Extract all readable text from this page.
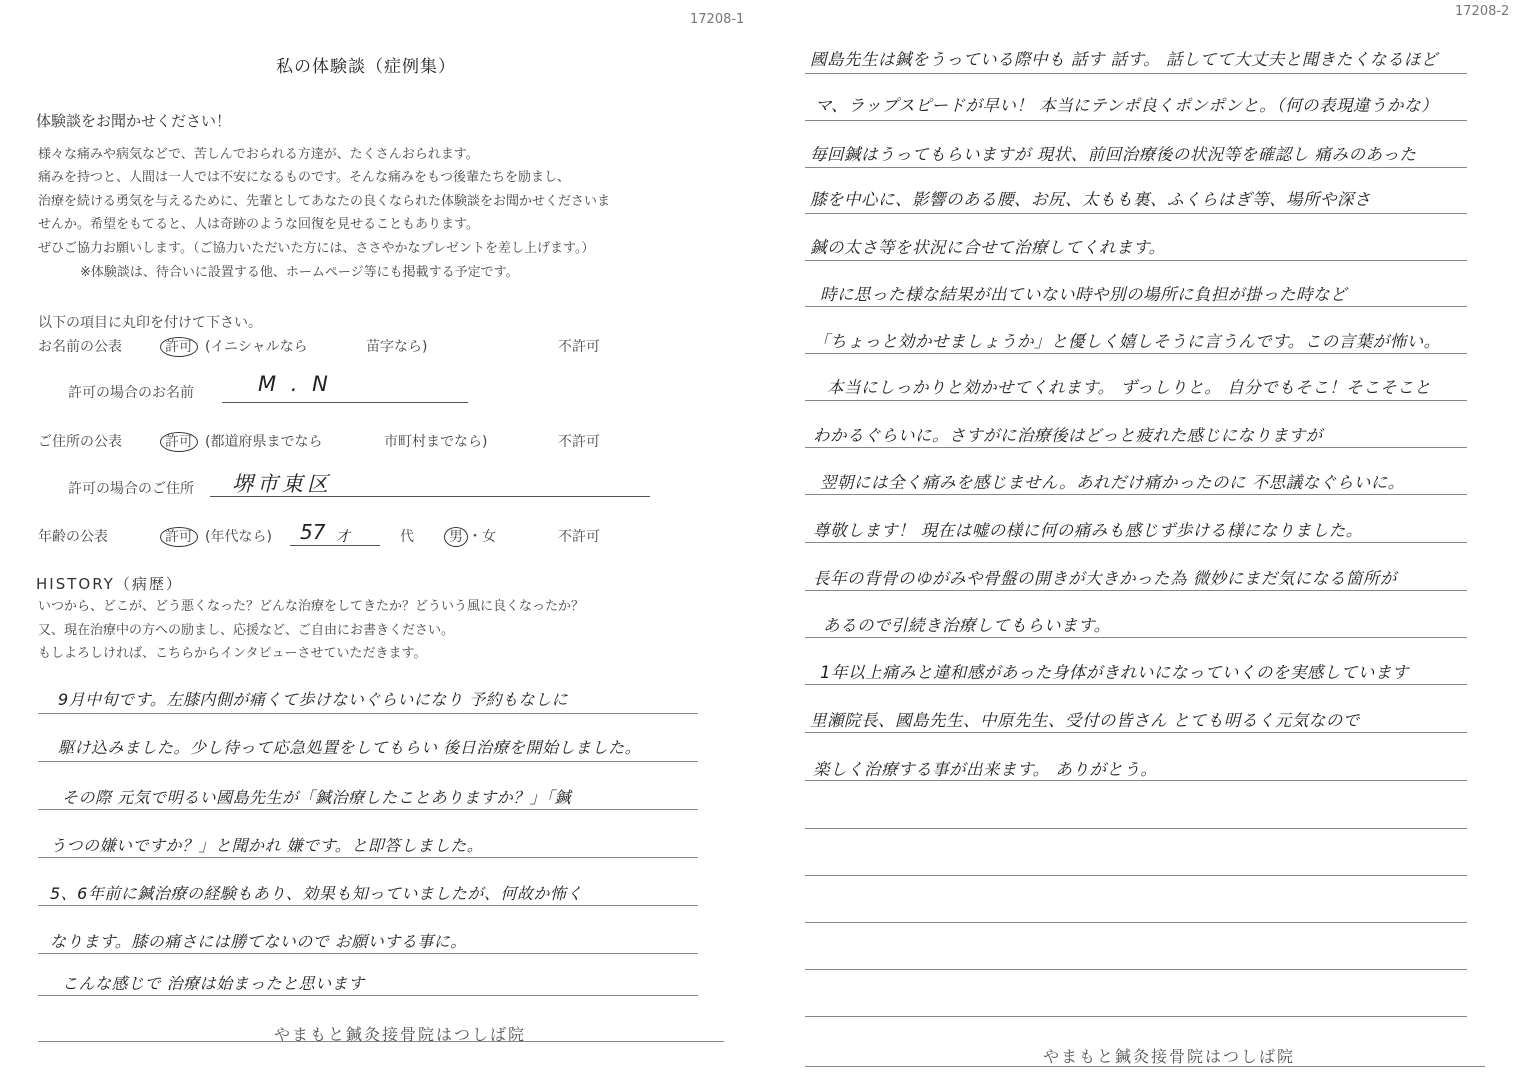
17208-1
私の体験談（症例集）
体験談をお聞かせください！
様々な痛みや病気などで、苦しんでおられる方達が、たくさんおられます。
痛みを持つと、人間は一人では不安になるものです。そんな痛みをもつ後輩たちを励まし、
治療を続ける勇気を与えるために、先輩としてあなたの良くなられた体験談をお聞かせくださいま
せんか。希望をもてると、人は奇跡のような回復を見せることもあります。
ぜひご協力お願いします。（ご協力いただいた方には、ささやかなプレゼントを差し上げます。）
※体験談は、待合いに設置する他、ホームページ等にも掲載する予定です。
以下の項目に丸印を付けて下さい。
お名前の公表	許可 (イニシャルなら	苗字なら)	不許可
許可の場合のお名前	M . N
ご住所の公表	許可 (都道府県までなら	市町村までなら)	不許可
許可の場合のご住所 堺市東区
年齢の公表	許可 (年代なら) 57 才	代	男 ・女	不許可
HISTORY（病歴）
いつから、どこが、どう悪くなった？どんな治療をしてきたか？どういう風に良くなったか？
又、現在治療中の方への励まし、応援など、ご自由にお書きください。
もしよろしければ、こちらからインタビューさせていただきます。
9月中旬です。左膝内側が痛くて歩けないぐらいになり 予約もなしに
駆け込みました。少し待って応急処置をしてもらい 後日治療を開始しました。
その際 元気で明るい國島先生が「鍼治療したことありますか？」「鍼
うつの嫌いですか？」と聞かれ 嫌です。と即答しました。
5、6年前に鍼治療の経験もあり、効果も知っていましたが、何故か怖く
なります。膝の痛さには勝てないので お願いする事に。
こんな感じで 治療は始まったと思います
やまもと鍼灸接骨院はつしば院
17208-2
國島先生は鍼をうっている際中も 話す 話す。 話してて大丈夫と聞きたくなるほど
マ、ラップスピードが早い！ 本当にテンポ良くポンポンと。（何の表現違うかな）
毎回鍼はうってもらいますが 現状、前回治療後の状況等を確認し 痛みのあった
膝を中心に、影響のある腰、お尻、太もも裏、ふくらはぎ等、場所や深さ
鍼の太さ等を状況に合せて治療してくれます。
時に思った様な結果が出ていない時や別の場所に負担が掛った時など
「ちょっと効かせましょうか」と優しく嬉しそうに言うんです。この言葉が怖い。
本当にしっかりと効かせてくれます。 ずっしりと。 自分でもそこ！そこそこと
わかるぐらいに。さすがに治療後はどっと疲れた感じになりますが
翌朝には全く痛みを感じません。あれだけ痛かったのに 不思議なぐらいに。
尊敬します！ 現在は嘘の様に何の痛みも感じず歩ける様になりました。
長年の背骨のゆがみや骨盤の開きが大きかった為 微妙にまだ気になる箇所が
あるので引続き治療してもらいます。
1年以上痛みと違和感があった身体がきれいになっていくのを実感しています
里瀬院長、國島先生、中原先生、受付の皆さん とても明るく元気なので
楽しく治療する事が出来ます。 ありがとう。
やまもと鍼灸接骨院はつしば院
